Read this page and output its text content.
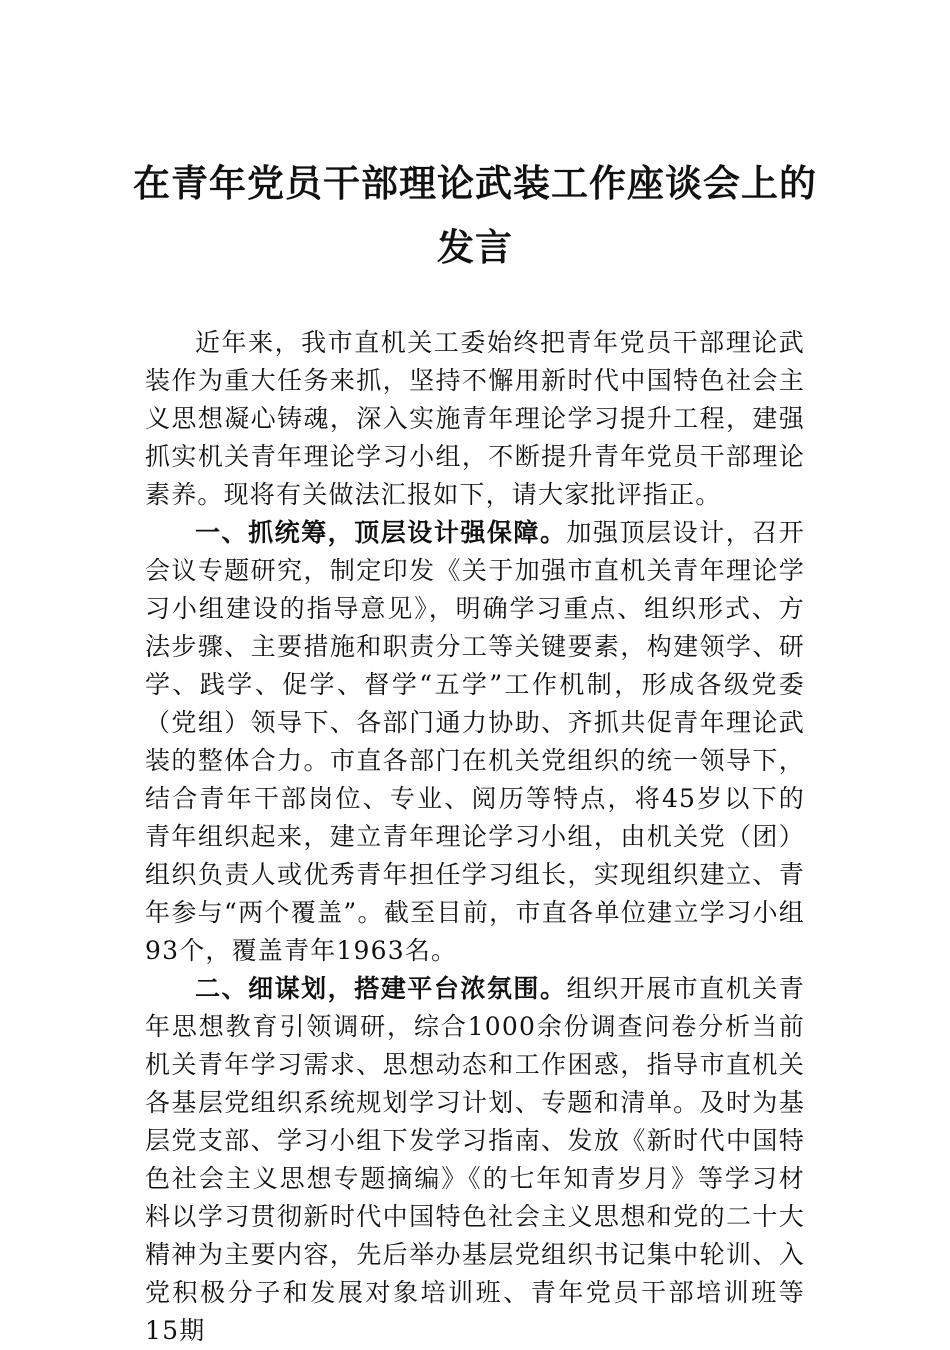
在青年党员干部理论武装工作座谈会上的
发言

近年来，我市直机关工委始终把青年党员干部理论武装作为重大任务来抓，坚持不懈用新时代中国特色社会主义思想凝心铸魂，深入实施青年理论学习提升工程，建强抓实机关青年理论学习小组，不断提升青年党员干部理论素养。现将有关做法汇报如下，请大家批评指正。

一、抓统筹，顶层设计强保障。加强顶层设计，召开会议专题研究，制定印发《关于加强市直机关青年理论学习小组建设的指导意见》，明确学习重点、组织形式、方法步骤、主要措施和职责分工等关键要素，构建领学、研学、践学、促学、督学“五学”工作机制，形成各级党委（党组）领导下、各部门通力协助、齐抓共促青年理论武装的整体合力。市直各部门在机关党组织的统一领导下，结合青年干部岗位、专业、阅历等特点，将45岁以下的青年组织起来，建立青年理论学习小组，由机关党（团）组织负责人或优秀青年担任学习组长，实现组织建立、青年参与“两个覆盖”。截至目前，市直各单位建立学习小组93个，覆盖青年1963名。

二、细谋划，搭建平台浓氛围。组织开展市直机关青年思想教育引领调研，综合1000余份调查问卷分析当前机关青年学习需求、思想动态和工作困惑，指导市直机关各基层党组织系统规划学习计划、专题和清单。及时为基层党支部、学习小组下发学习指南、发放《新时代中国特色社会主义思想专题摘编》《的七年知青岁月》等学习材料以学习贯彻新时代中国特色社会主义思想和党的二十大精神为主要内容，先后举办基层党组织书记集中轮训、入党积极分子和发展对象培训班、青年党员干部培训班等15期
